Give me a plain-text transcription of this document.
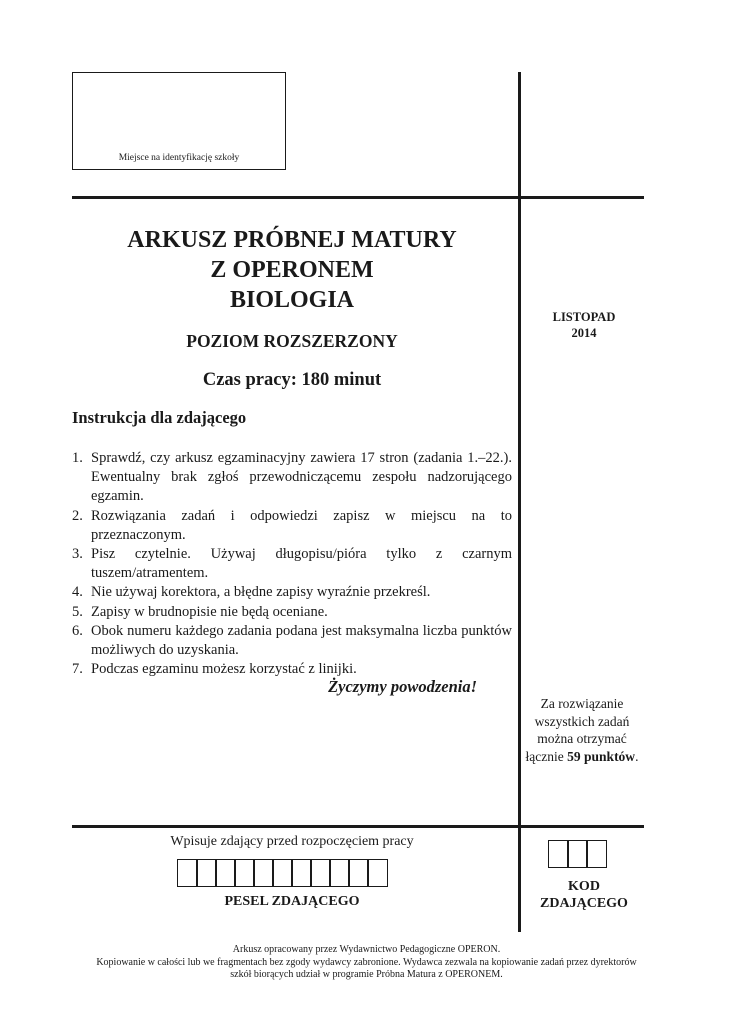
Miejsce na identyfikację szkoły
ARKUSZ PRÓBNEJ MATURY
Z OPERONEM
BIOLOGIA
POZIOM ROZSZERZONY
Czas pracy: 180 minut
LISTOPAD
2014
Instrukcja dla zdającego
1. Sprawdź, czy arkusz egzaminacyjny zawiera 17 stron (zadania 1.–22.). Ewentualny brak zgłoś przewodniczącemu zespołu nadzorującego egzamin.
2. Rozwiązania zadań i odpowiedzi zapisz w miejscu na to przeznaczonym.
3. Pisz czytelnie. Używaj długopisu/pióra tylko z czarnym tuszem/atramentem.
4. Nie używaj korektora, a błędne zapisy wyraźnie przekreśl.
5. Zapisy w brudnopisie nie będą oceniane.
6. Obok numeru każdego zadania podana jest maksymalna liczba punktów możliwych do uzyskania.
7. Podczas egzaminu możesz korzystać z linijki.
Życzymy powodzenia!
Za rozwiązanie
wszystkich zadań
można otrzymać
łącznie 59 punktów.
Wpisuje zdający przed rozpoczęciem pracy
PESEL ZDAJĄCEGO
KOD
ZDAJĄCEGO
Arkusz opracowany przez Wydawnictwo Pedagogiczne OPERON.
Kopiowanie w całości lub we fragmentach bez zgody wydawcy zabronione. Wydawca zezwala na kopiowanie zadań przez dyrektorów
szkół biorących udział w programie Próbna Matura z OPERONEM.
